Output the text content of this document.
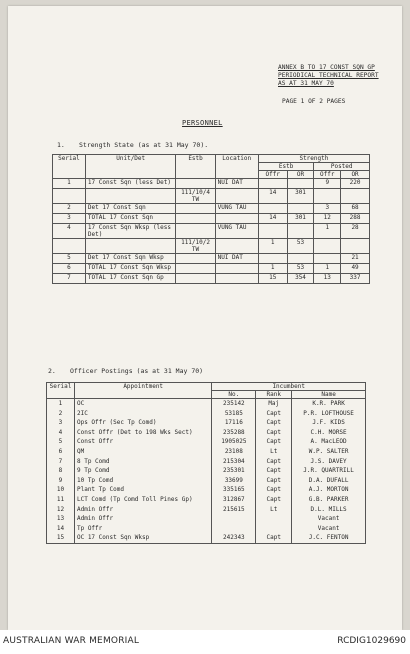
ANNEX B TO 17 CONST SQN GP
PERIODICAL TECHNICAL REPORT
AS AT 31 MAY 70
PAGE 1 OF 2 PAGES
PERSONNEL
1. Strength State (as at 31 May 70).
Serial	Unit/Det	Estb	Location	Strength			
				Estb		Posted	
				Offr	OR	Offr	OR
1	17 Const Sqn (less Det)		NUI DAT			9	220
		111/10/4 TW		14	301		
2	Det 17 Const Sqn		VUNG TAU			3	68
3	TOTAL 17 Const Sqn			14	301	12	288
4	17 Const Sqn Wksp (less Det)		VUNG TAU			1	28
		111/10/2 TW		1	53		
5	Det 17 Const Sqn Wksp		NUI DAT				21
6	TOTAL 17 Const Sqn Wksp			1	53	1	49
7	TOTAL 17 Const Sqn Gp			15	354	13	337
2. Officer Postings (as at 31 May 70)
Serial	Appointment	Incumbent		
		No.	Rank	Name
1	OC	235142	Maj	K.R. PARK
2	2IC	53185	Capt	P.R. LOFTHOUSE
3	Ops Offr (Sec Tp Comd)	17116	Capt	J.F. KIDS
4	Const Offr (Det to 198 Wks Sect)	235288	Capt	C.H. MORSE
5	Const Offr	1905025	Capt	A. MacLEOD
6	QM	23108	Lt	W.P. SALTER
7	8 Tp Comd	215304	Capt	J.S. DAVEY
8	9 Tp Comd	235301	Capt	J.R. QUARTRILL
9	10 Tp Comd	33699	Capt	D.A. DUFALL
10	Plant Tp Comd	335165	Capt	A.J. MORTON
11	LCT Comd (Tp Comd Toll Pines Gp)	312867	Capt	G.B. PARKER
12	Admin Offr	215615	Lt	D.L. MILLS
13	Admin Offr			Vacant
14	Tp Offr			Vacant
15	OC 17 Const Sqn Wksp	242343	Capt	J.C. FENTON
AUSTRALIAN WAR MEMORIAL	RCDIG1029690
